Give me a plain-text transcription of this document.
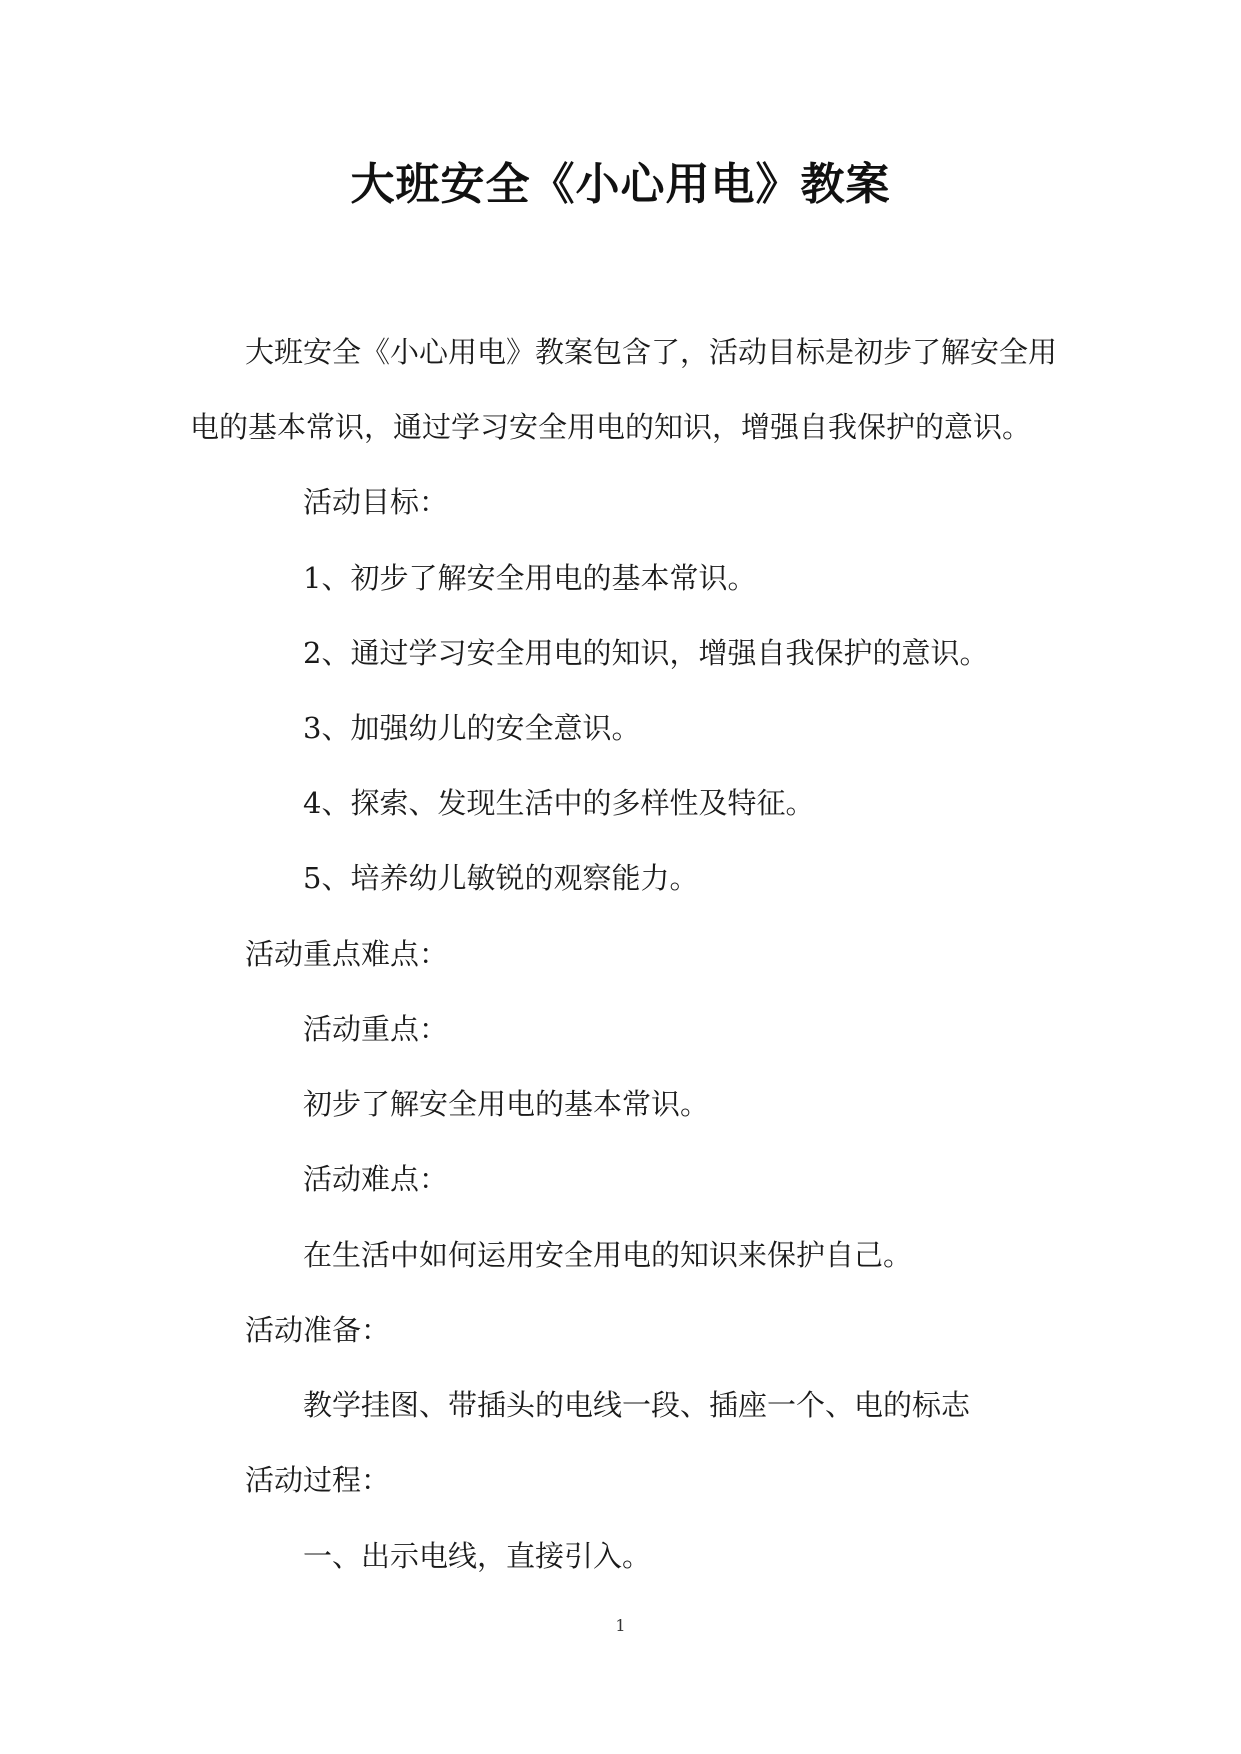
大班安全《小心用电》教案
大班安全《小心用电》教案包含了，活动目标是初步了解安全用
电的基本常识，通过学习安全用电的知识，增强自我保护的意识。
活动目标：
1、初步了解安全用电的基本常识。
2、通过学习安全用电的知识，增强自我保护的意识。
3、加强幼儿的安全意识。
4、探索、发现生活中的多样性及特征。
5、培养幼儿敏锐的观察能力。
活动重点难点：
活动重点：
初步了解安全用电的基本常识。
活动难点：
在生活中如何运用安全用电的知识来保护自己。
活动准备：
教学挂图、带插头的电线一段、插座一个、电的标志
活动过程：
一、出示电线，直接引入。
1
